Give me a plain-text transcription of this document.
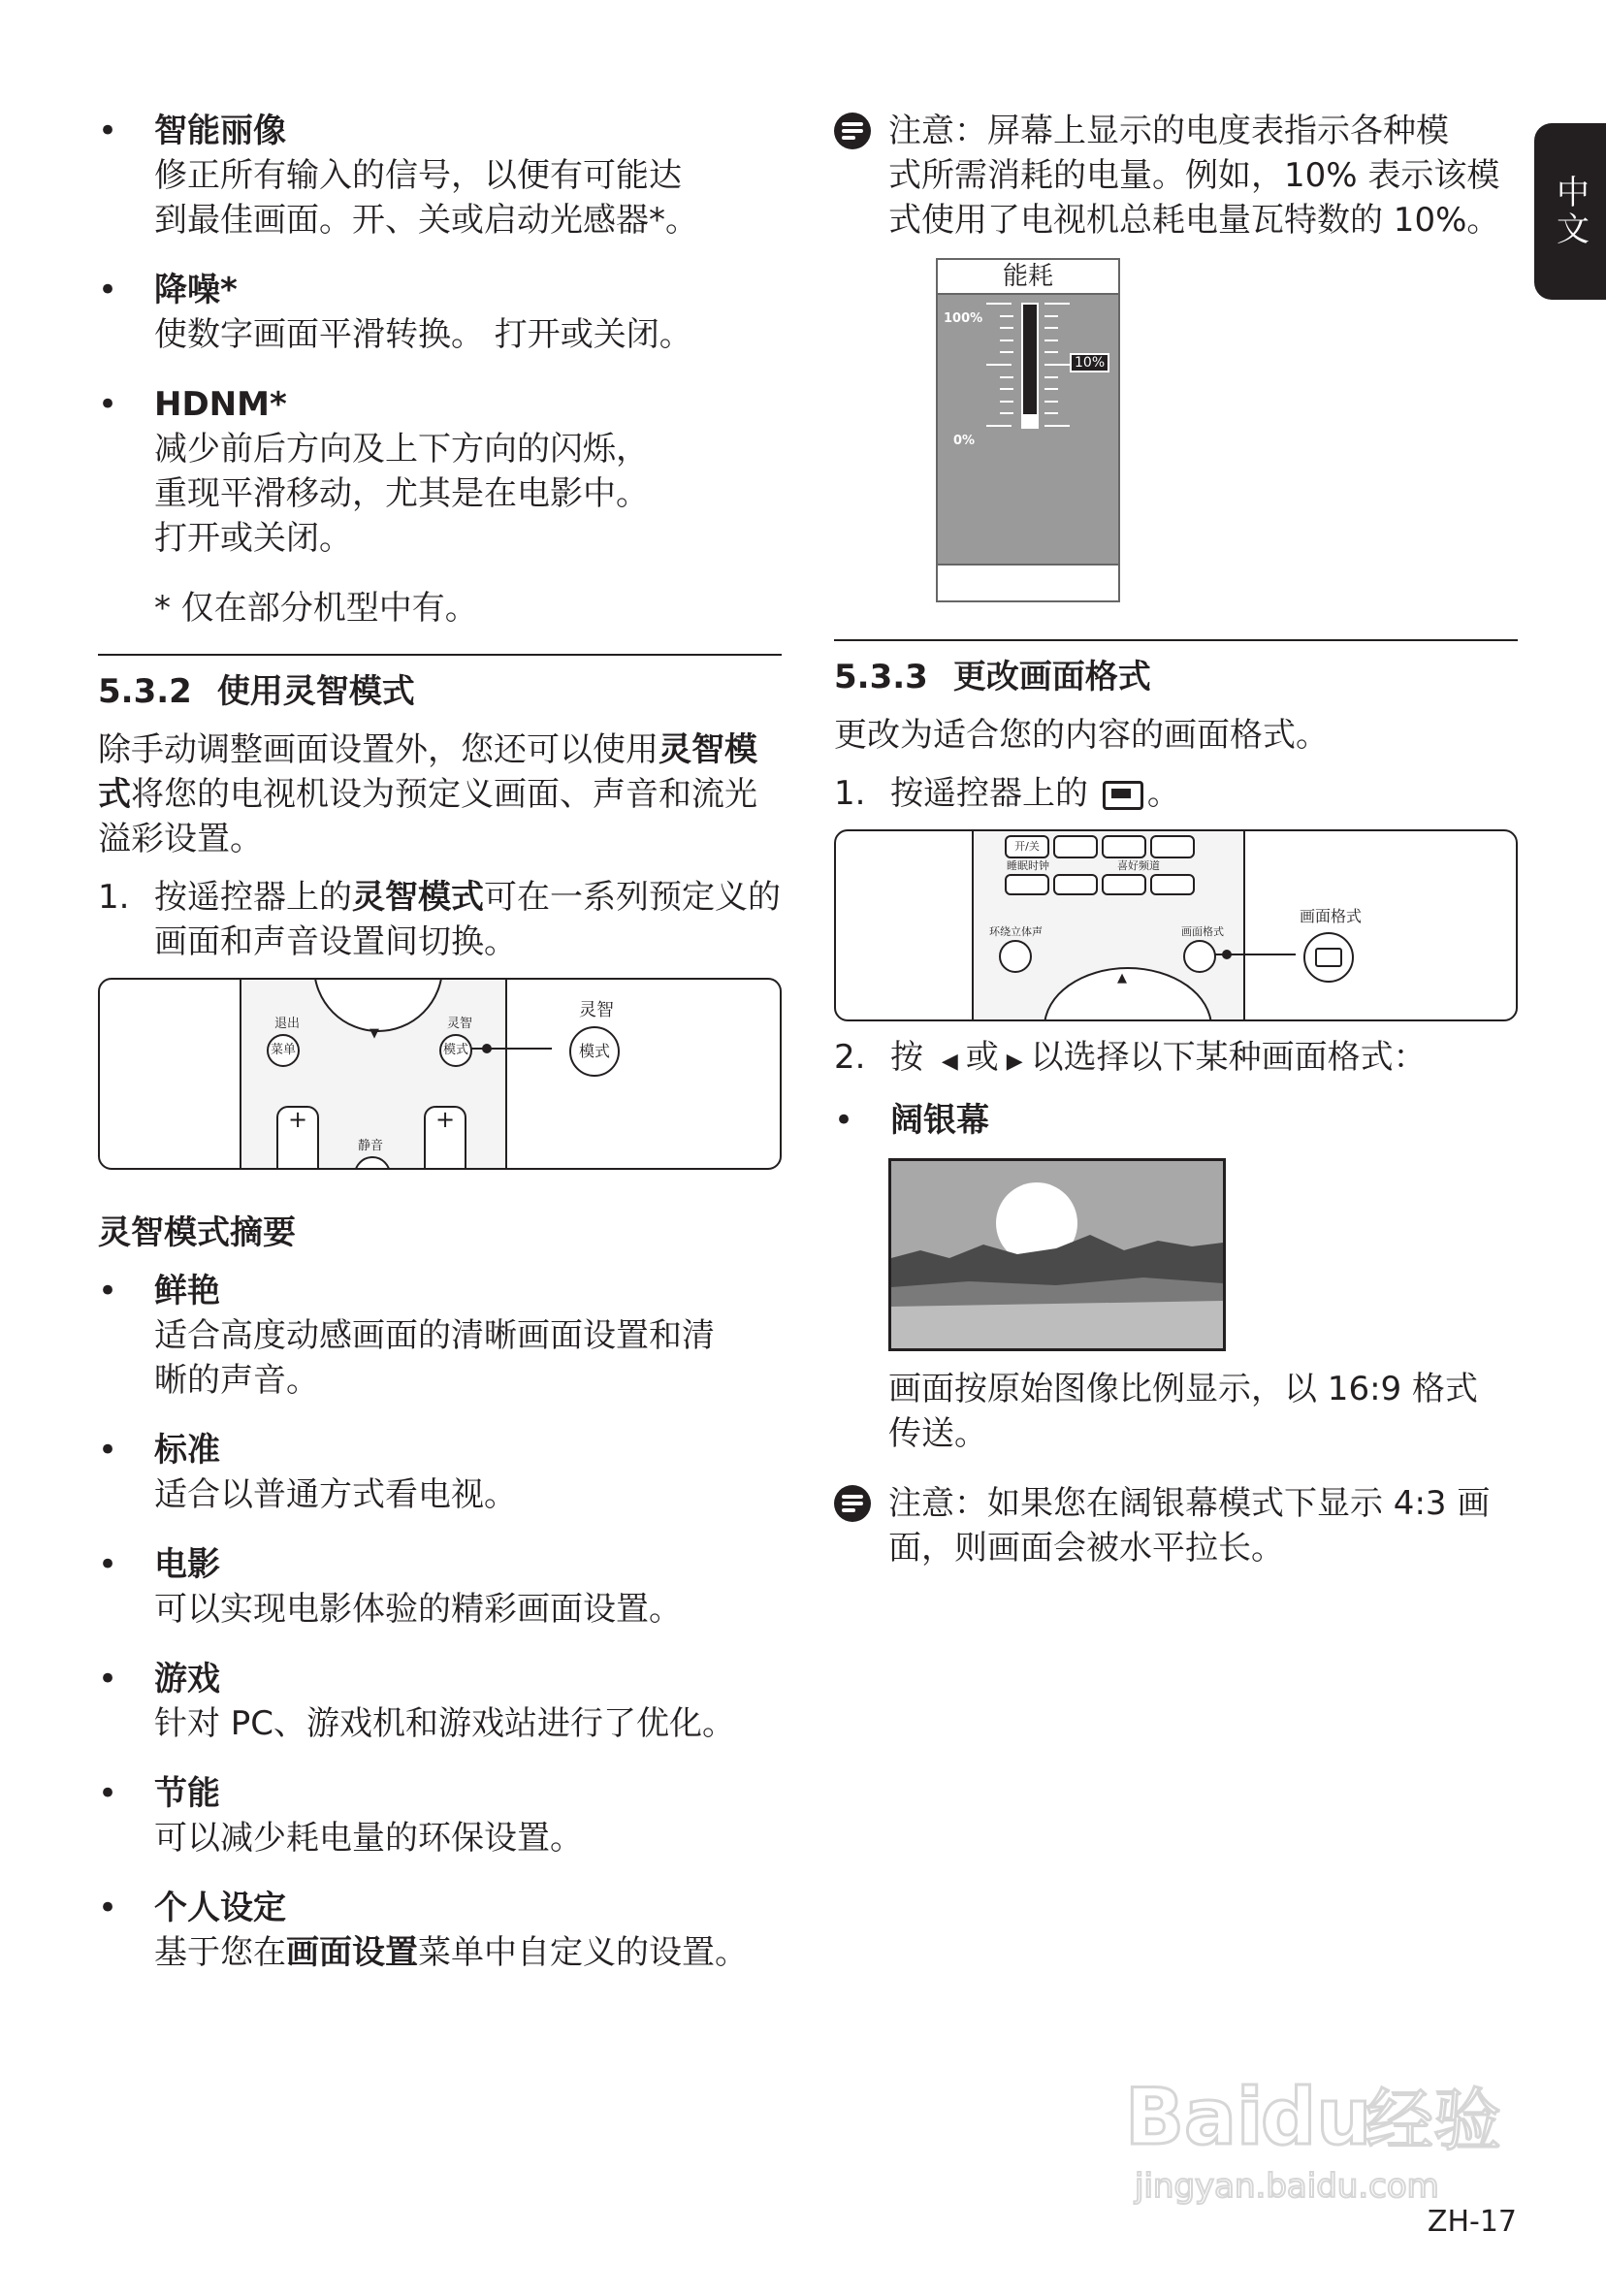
中文
• 智能丽像
修正所有输入的信号，以便有可能达
到最佳画面。开、关或启动光感器*。
• 降噪*
使数字画面平滑转换。 打开或关闭。
• HDNM*
减少前后方向及上下方向的闪烁，
重现平滑移动，尤其是在电影中。
打开或关闭。
* 仅在部分机型中有。
5.3.2 使用灵智模式
除手动调整画面设置外，您还可以使用灵智模式将您的电视机设为预定义画面、声音和流光溢彩设置。
1. 按遥控器上的灵智模式可在一系列预定义的画面和声音设置间切换。
▼
退出
菜单
灵智
模式
灵智
模式
+	+
静音
灵智模式摘要
• 鲜艳
适合高度动感画面的清晰画面设置和清
晰的声音。
• 标准
适合以普通方式看电视。
• 电影
可以实现电影体验的精彩画面设置。
• 游戏
针对 PC、游戏机和游戏站进行了优化。
• 节能
可以减少耗电量的环保设置。
• 个人设定
基于您在画面设置菜单中自定义的设置。
注意：屏幕上显示的电度表指示各种模
式所需消耗的电量。例如，10% 表示该模
式使用了电视机总耗电量瓦特数的 10%。
能耗
100%
0%
10%
5.3.3 更改画面格式
更改为适合您的内容的画面格式。
1. 按遥控器上的 。
开/关
睡眠时钟	喜好频道
环绕立体声	画面格式
▲
画面格式
2. 按 ◀ 或 ▶ 以选择以下某种画面格式：
• 阔银幕
画面按原始图像比例显示，以 16:9 格式
传送。
注意：如果您在阔银幕模式下显示 4:3 画
面，则画面会被水平拉长。
Bai
du
经验
jingyan.baidu.com
ZH-17
